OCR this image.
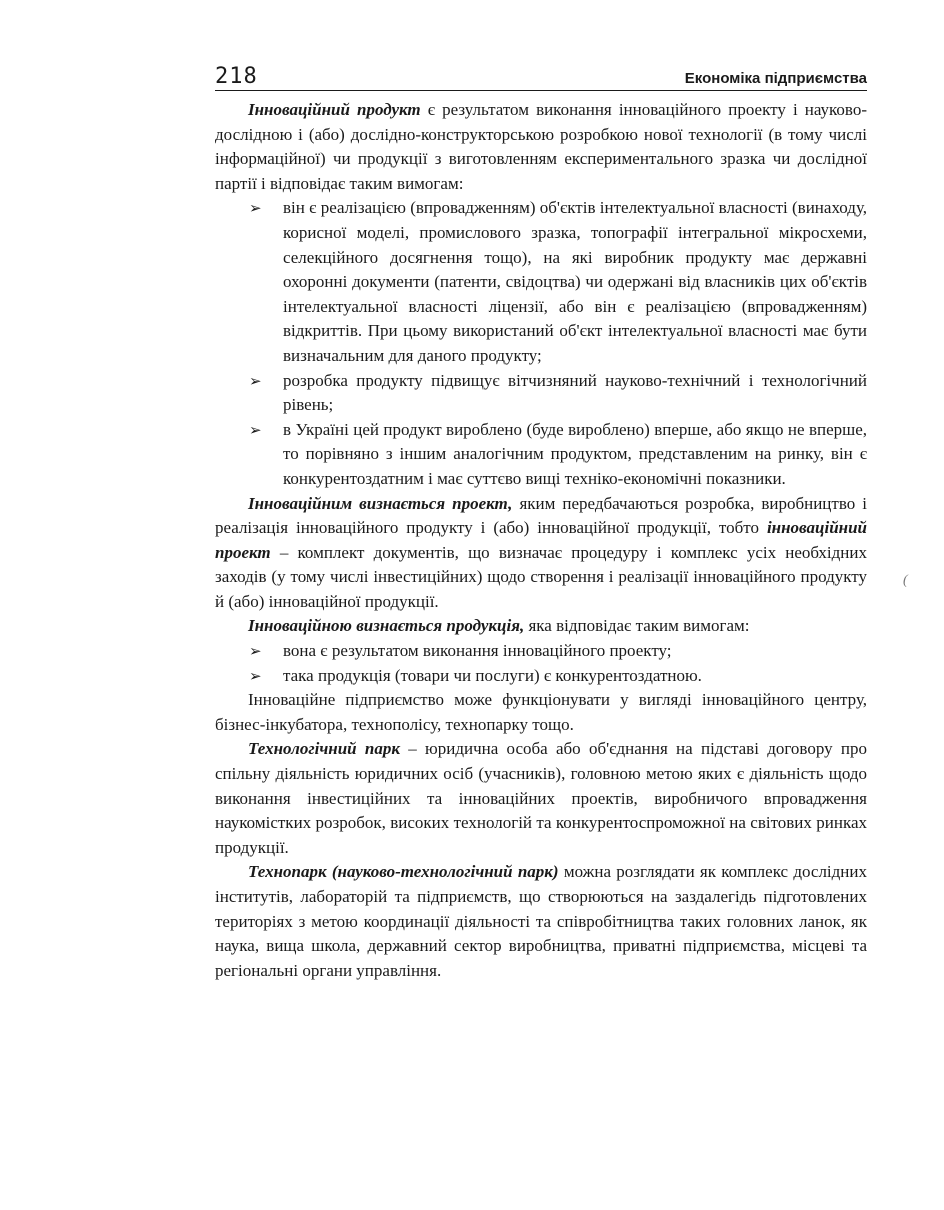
218	Економіка підприємства

Інноваційний продукт є результатом виконання інноваційного проекту і науково-дослідною і (або) дослідно-конструкторською розробкою нової технології (в тому числі інформаційної) чи продукції з виготовленням експериментального зразка чи дослідної партії і відповідає таким вимогам:

➢ він є реалізацією (впровадженням) об'єктів інтелектуальної власності (винаходу, корисної моделі, промислового зразка, топографії інтегральної мікросхеми, селекційного досягнення тощо), на які виробник продукту має державні охоронні документи (патенти, свідоцтва) чи одержані від власників цих об'єктів інтелектуальної власності ліцензії, або він є реалізацією (впровадженням) відкриттів. При цьому використаний об'єкт інтелектуальної власності має бути визначальним для даного продукту;
➢ розробка продукту підвищує вітчизняний науково-технічний і технологічний рівень;
➢ в Україні цей продукт вироблено (буде вироблено) вперше, або якщо не вперше, то порівняно з іншим аналогічним продуктом, представленим на ринку, він є конкурентоздатним і має суттєво вищі техніко-економічні показники.

Інноваційним визнається проект, яким передбачаються розробка, виробництво і реалізація інноваційного продукту і (або) інноваційної продукції, тобто інноваційний проект – комплект документів, що визначає процедуру і комплекс усіх необхідних заходів (у тому числі інвестиційних) щодо створення і реалізації інноваційного продукту й (або) інноваційної продукції.

Інноваційною визнається продукція, яка відповідає таким вимогам:

➢ вона є результатом виконання інноваційного проекту;
➢ така продукція (товари чи послуги) є конкурентоздатною.

Інноваційне підприємство може функціонувати у вигляді інноваційного центру, бізнес-інкубатора, технополісу, технопарку тощо.

Технологічний парк – юридична особа або об'єднання на підставі договору про спільну діяльність юридичних осіб (учасників), головною метою яких є діяльність щодо виконання інвестиційних та інноваційних проектів, виробничого впровадження наукомістких розробок, високих технологій та конкурентоспроможної на світових ринках продукції.

Технопарк (науково-технологічний парк) можна розглядати як комплекс дослідних інститутів, лабораторій та підприємств, що створюються на заздалегідь підготовлених територіях з метою координації діяльності та співробітництва таких головних ланок, як наука, вища школа, державний сектор виробництва, приватні підприємства, місцеві та регіональні органи управління.

(
